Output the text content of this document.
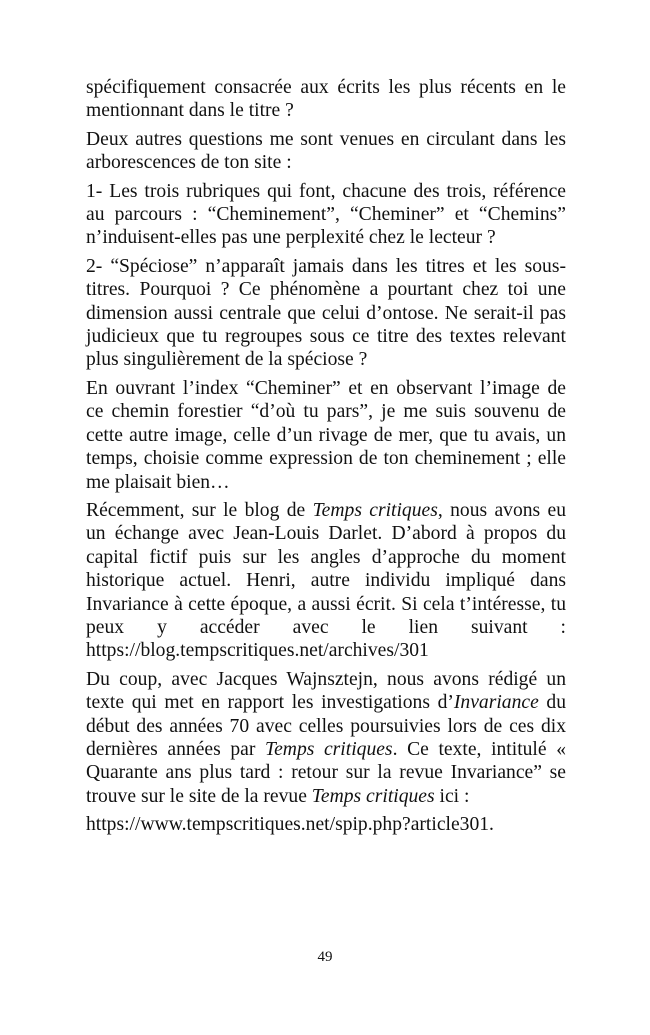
spécifiquement consacrée aux écrits les plus récents en le mentionnant dans le titre ?

Deux autres questions me sont venues en circulant dans les arborescences de ton site :

1- Les trois rubriques qui font, chacune des trois, référence au parcours : “Cheminement”, “Cheminer” et “Chemins” n’induisent-elles pas une perplexité chez le lecteur ?

2- “Spéciose” n’apparaît jamais dans les titres et les sous-titres. Pourquoi ? Ce phénomène a pourtant chez toi une dimension aussi centrale que celui d’ontose. Ne serait-il pas judicieux que tu regroupes sous ce titre des textes relevant plus singulièrement de la spéciose ?

En ouvrant l’index “Cheminer” et en observant l’image de ce chemin forestier “d’où tu pars”, je me suis souvenu de cette autre image, celle d’un rivage de mer, que tu avais, un temps, choisie comme expression de ton cheminement ; elle me plaisait bien…

Récemment, sur le blog de Temps critiques, nous avons eu un échange avec Jean-Louis Darlet. D’abord à propos du capital fictif puis sur les angles d’approche du moment historique actuel. Henri, autre individu impliqué dans Invariance à cette époque, a aussi écrit. Si cela t’intéresse, tu peux y accéder avec le lien suivant : https://blog.tempscritiques.net/archives/301

Du coup, avec Jacques Wajnsztejn, nous avons rédigé un texte qui met en rapport les investigations d’Invariance du début des années 70 avec celles poursuivies lors de ces dix dernières années par Temps critiques. Ce texte, intitulé « Quarante ans plus tard : retour sur la revue Invariance” se trouve sur le site de la revue Temps critiques ici :

https://www.tempscritiques.net/spip.php?article301.

49
